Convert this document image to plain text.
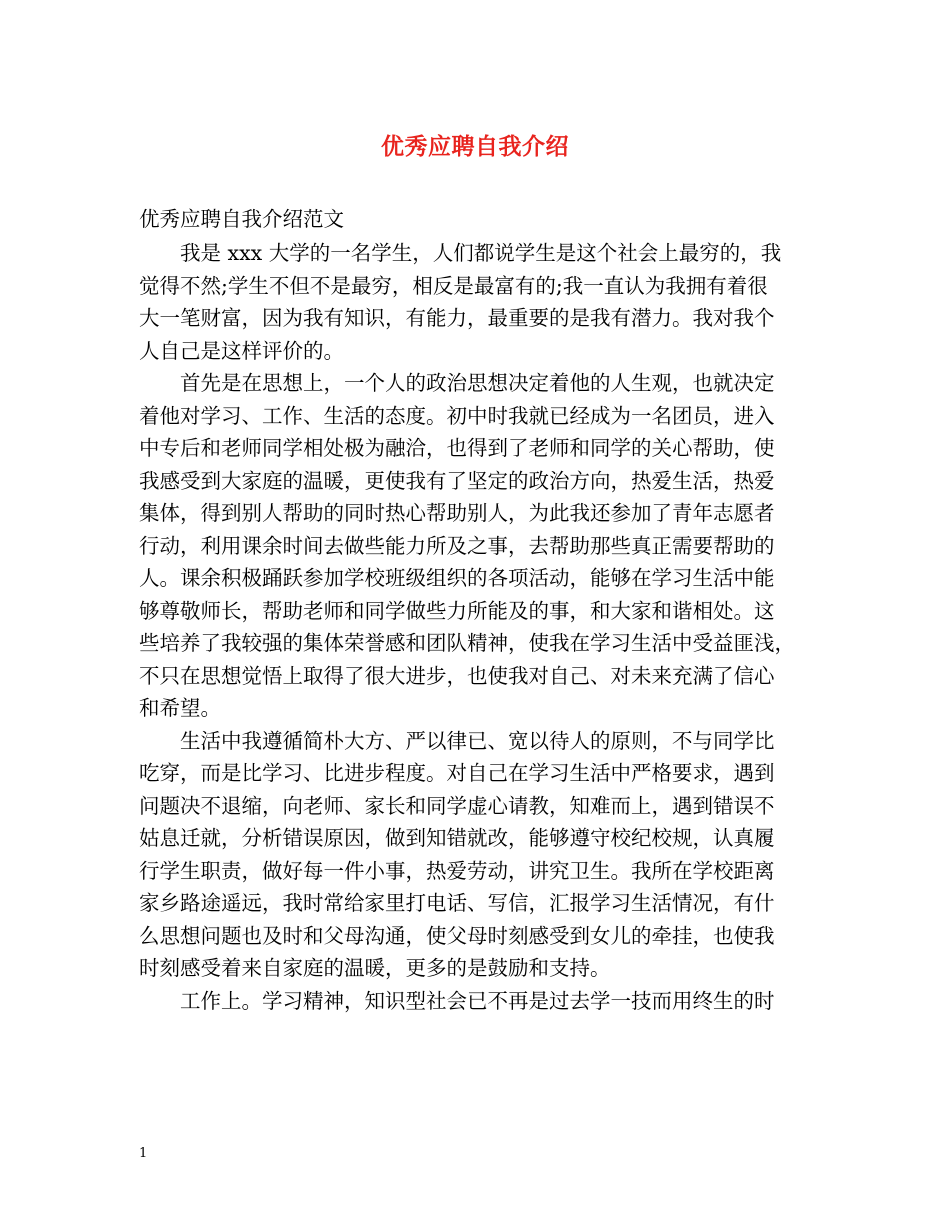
优秀应聘自我介绍
优秀应聘自我介绍范文
　　我是 xxx 大学的一名学生，人们都说学生是这个社会上最穷的，我
觉得不然;学生不但不是最穷，相反是最富有的;我一直认为我拥有着很
大一笔财富，因为我有知识，有能力，最重要的是我有潜力。我对我个
人自己是这样评价的。
　　首先是在思想上，一个人的政治思想决定着他的人生观，也就决定
着他对学习、工作、生活的态度。初中时我就已经成为一名团员，进入
中专后和老师同学相处极为融洽，也得到了老师和同学的关心帮助，使
我感受到大家庭的温暖，更使我有了坚定的政治方向，热爱生活，热爱
集体，得到别人帮助的同时热心帮助别人，为此我还参加了青年志愿者
行动，利用课余时间去做些能力所及之事，去帮助那些真正需要帮助的
人。课余积极踊跃参加学校班级组织的各项活动，能够在学习生活中能
够尊敬师长，帮助老师和同学做些力所能及的事，和大家和谐相处。这
些培养了我较强的集体荣誉感和团队精神，使我在学习生活中受益匪浅，
不只在思想觉悟上取得了很大进步，也使我对自己、对未来充满了信心
和希望。
　　生活中我遵循简朴大方、严以律已、宽以待人的原则，不与同学比
吃穿，而是比学习、比进步程度。对自己在学习生活中严格要求，遇到
问题决不退缩，向老师、家长和同学虚心请教，知难而上，遇到错误不
姑息迁就，分析错误原因，做到知错就改，能够遵守校纪校规，认真履
行学生职责，做好每一件小事，热爱劳动，讲究卫生。我所在学校距离
家乡路途遥远，我时常给家里打电话、写信，汇报学习生活情况，有什
么思想问题也及时和父母沟通，使父母时刻感受到女儿的牵挂，也使我
时刻感受着来自家庭的温暖，更多的是鼓励和支持。
　　工作上。学习精神，知识型社会已不再是过去学一技而用终生的时
1
